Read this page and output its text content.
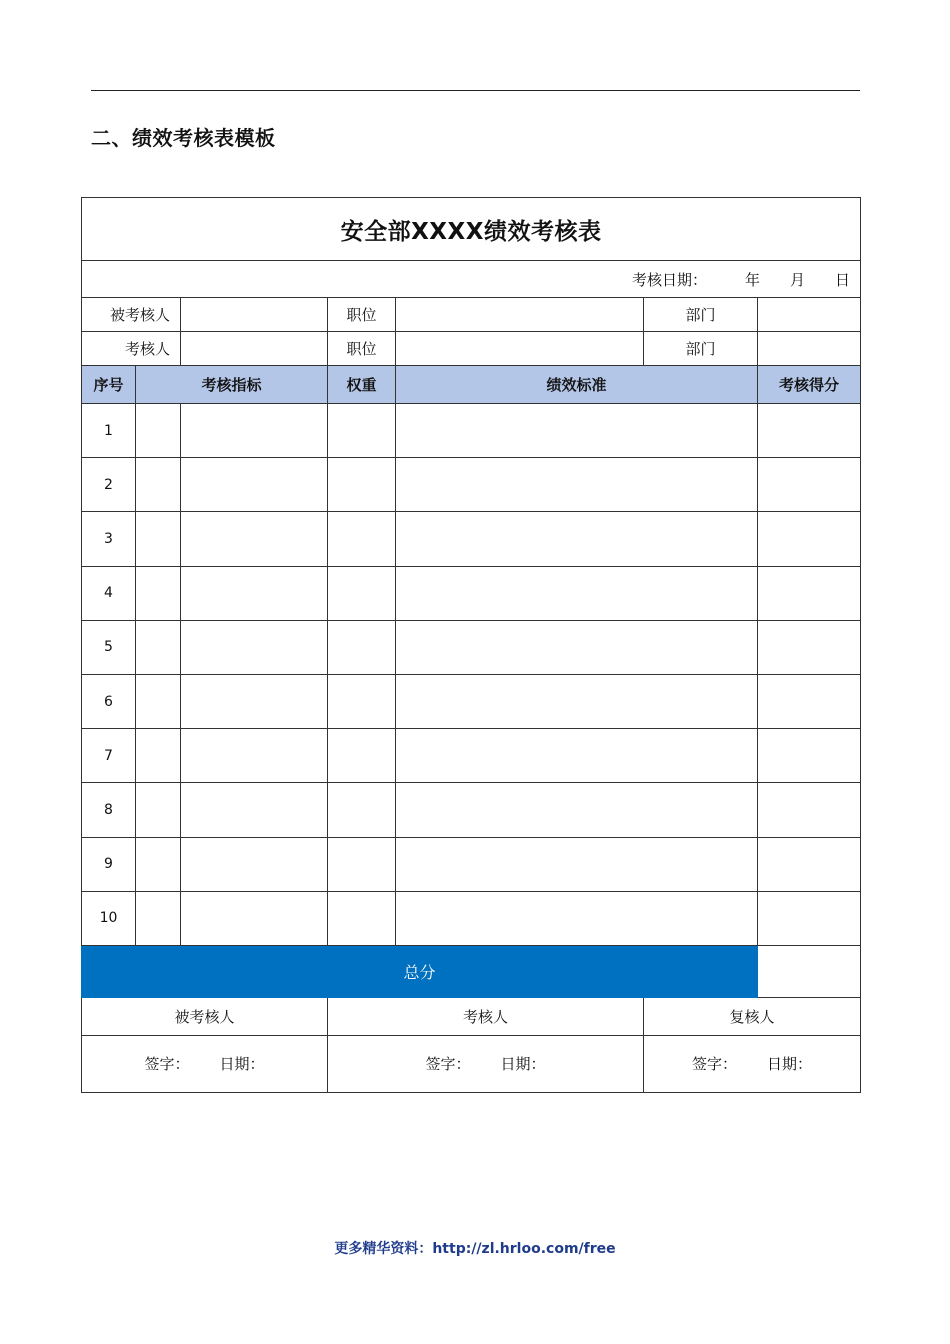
二、绩效考核表模板
安全部XXXX绩效考核表						
考核日期： 年 月 日						
被考核人			职位		部门	
考核人			职位		部门	
序号	考核指标		权重	绩效标准		考核得分
1						
2						
3						
4						
5						
6						
7						
8						
9						
10						
总分						
被考核人			考核人		复核人	
签字： 日期：			签字： 日期：		签字： 日期：	
更多精华资料：http://zl.hrloo.com/free
